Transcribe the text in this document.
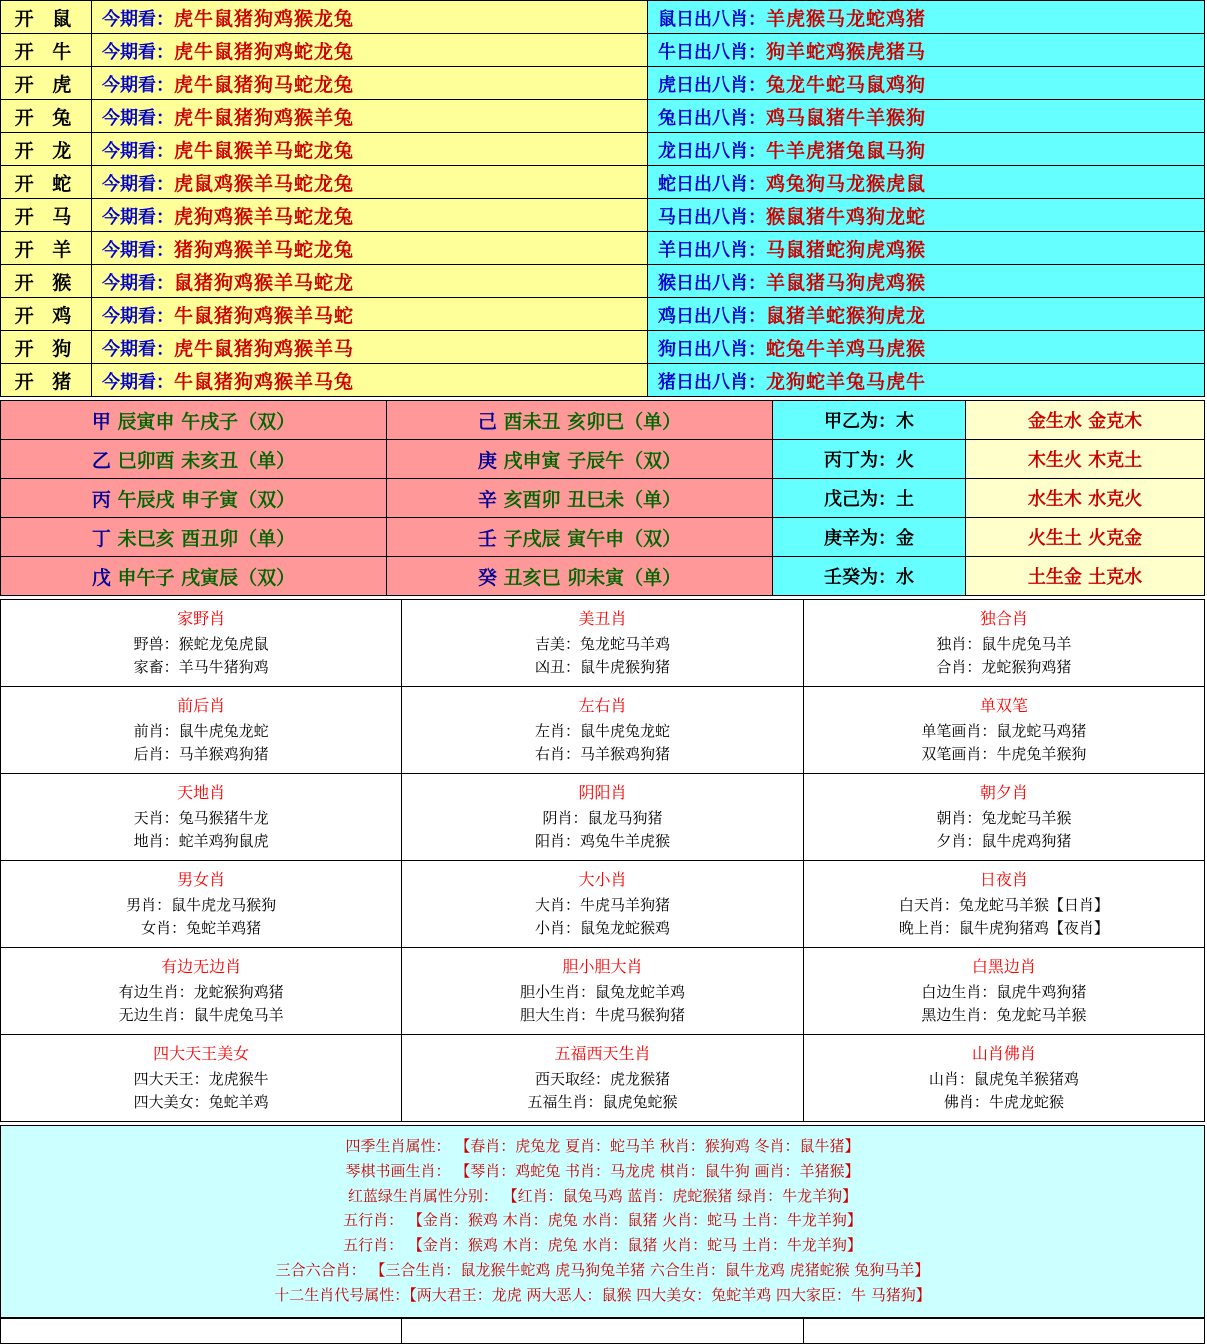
开 鼠	今期看：虎牛鼠猪狗鸡猴龙兔	鼠日出八肖：羊虎猴马龙蛇鸡猪
开 牛	今期看：虎牛鼠猪狗鸡蛇龙兔	牛日出八肖：狗羊蛇鸡猴虎猪马
开 虎	今期看：虎牛鼠猪狗马蛇龙兔	虎日出八肖：兔龙牛蛇马鼠鸡狗
开 兔	今期看：虎牛鼠猪狗鸡猴羊兔	兔日出八肖：鸡马鼠猪牛羊猴狗
开 龙	今期看：虎牛鼠猴羊马蛇龙兔	龙日出八肖：牛羊虎猪兔鼠马狗
开 蛇	今期看：虎鼠鸡猴羊马蛇龙兔	蛇日出八肖：鸡兔狗马龙猴虎鼠
开 马	今期看：虎狗鸡猴羊马蛇龙兔	马日出八肖：猴鼠猪牛鸡狗龙蛇
开 羊	今期看：猪狗鸡猴羊马蛇龙兔	羊日出八肖：马鼠猪蛇狗虎鸡猴
开 猴	今期看：鼠猪狗鸡猴羊马蛇龙	猴日出八肖：羊鼠猪马狗虎鸡猴
开 鸡	今期看：牛鼠猪狗鸡猴羊马蛇	鸡日出八肖：鼠猪羊蛇猴狗虎龙
开 狗	今期看：虎牛鼠猪狗鸡猴羊马	狗日出八肖：蛇兔牛羊鸡马虎猴
开 猪	今期看：牛鼠猪狗鸡猴羊马兔	猪日出八肖：龙狗蛇羊兔马虎牛
甲 辰寅申 午戌子（双）	己 酉未丑 亥卯巳（单）	甲乙为：木	金生水 金克木
乙 巳卯酉 未亥丑（单）	庚 戌申寅 子辰午（双）	丙丁为：火	木生火 木克土
丙 午辰戌 申子寅（双）	辛 亥酉卯 丑巳未（单）	戊己为：土	水生木 水克火
丁 未巳亥 酉丑卯（单）	壬 子戌辰 寅午申（双）	庚辛为：金	火生土 火克金
戊 申午子 戌寅辰（双）	癸 丑亥巳 卯未寅（单）	壬癸为：水	土生金 土克水
家野肖
野兽：猴蛇龙兔虎鼠
家畜：羊马牛猪狗鸡

美丑肖
吉美：兔龙蛇马羊鸡
凶丑：鼠牛虎猴狗猪

独合肖
独肖：鼠牛虎兔马羊
合肖：龙蛇猴狗鸡猪

前后肖
前肖：鼠牛虎兔龙蛇
后肖：马羊猴鸡狗猪

左右肖
左肖：鼠牛虎兔龙蛇
右肖：马羊猴鸡狗猪

单双笔
单笔画肖：鼠龙蛇马鸡猪
双笔画肖：牛虎兔羊猴狗

天地肖
天肖：兔马猴猪牛龙
地肖：蛇羊鸡狗鼠虎

阴阳肖
阴肖：鼠龙马狗猪
阳肖：鸡兔牛羊虎猴

朝夕肖
朝肖：兔龙蛇马羊猴
夕肖：鼠牛虎鸡狗猪

男女肖
男肖：鼠牛虎龙马猴狗
女肖：兔蛇羊鸡猪

大小肖
大肖：牛虎马羊狗猪
小肖：鼠兔龙蛇猴鸡

日夜肖
白天肖：兔龙蛇马羊猴【日肖】
晚上肖：鼠牛虎狗猪鸡【夜肖】

有边无边肖
有边生肖：龙蛇猴狗鸡猪
无边生肖：鼠牛虎兔马羊

胆小胆大肖
胆小生肖：鼠兔龙蛇羊鸡
胆大生肖：牛虎马猴狗猪

白黑边肖
白边生肖：鼠虎牛鸡狗猪
黑边生肖：兔龙蛇马羊猴

四大天王美女
四大天王：龙虎猴牛
四大美女：兔蛇羊鸡

五福西天生肖
西天取经：虎龙猴猪
五福生肖：鼠虎兔蛇猴

山肖佛肖
山肖：鼠虎兔羊猴猪鸡
佛肖：牛虎龙蛇猴
四季生肖属性： 【春肖：虎兔龙 夏肖：蛇马羊 秋肖：猴狗鸡 冬肖：鼠牛猪】
琴棋书画生肖： 【琴肖：鸡蛇兔 书肖：马龙虎 棋肖：鼠牛狗 画肖：羊猪猴】
红蓝绿生肖属性分别： 【红肖：鼠兔马鸡 蓝肖：虎蛇猴猪 绿肖：牛龙羊狗】
五行肖： 【金肖：猴鸡 木肖：虎兔 水肖：鼠猪 火肖：蛇马 土肖：牛龙羊狗】
五行肖： 【金肖：猴鸡 木肖：虎兔 水肖：鼠猪 火肖：蛇马 土肖：牛龙羊狗】
三合六合肖： 【三合生肖：鼠龙猴牛蛇鸡 虎马狗兔羊猪 六合生肖：鼠牛龙鸡 虎猪蛇猴 兔狗马羊】
十二生肖代号属性：【两大君王：龙虎 两大恶人：鼠猴 四大美女：兔蛇羊鸡 四大家臣：牛 马猪狗】
